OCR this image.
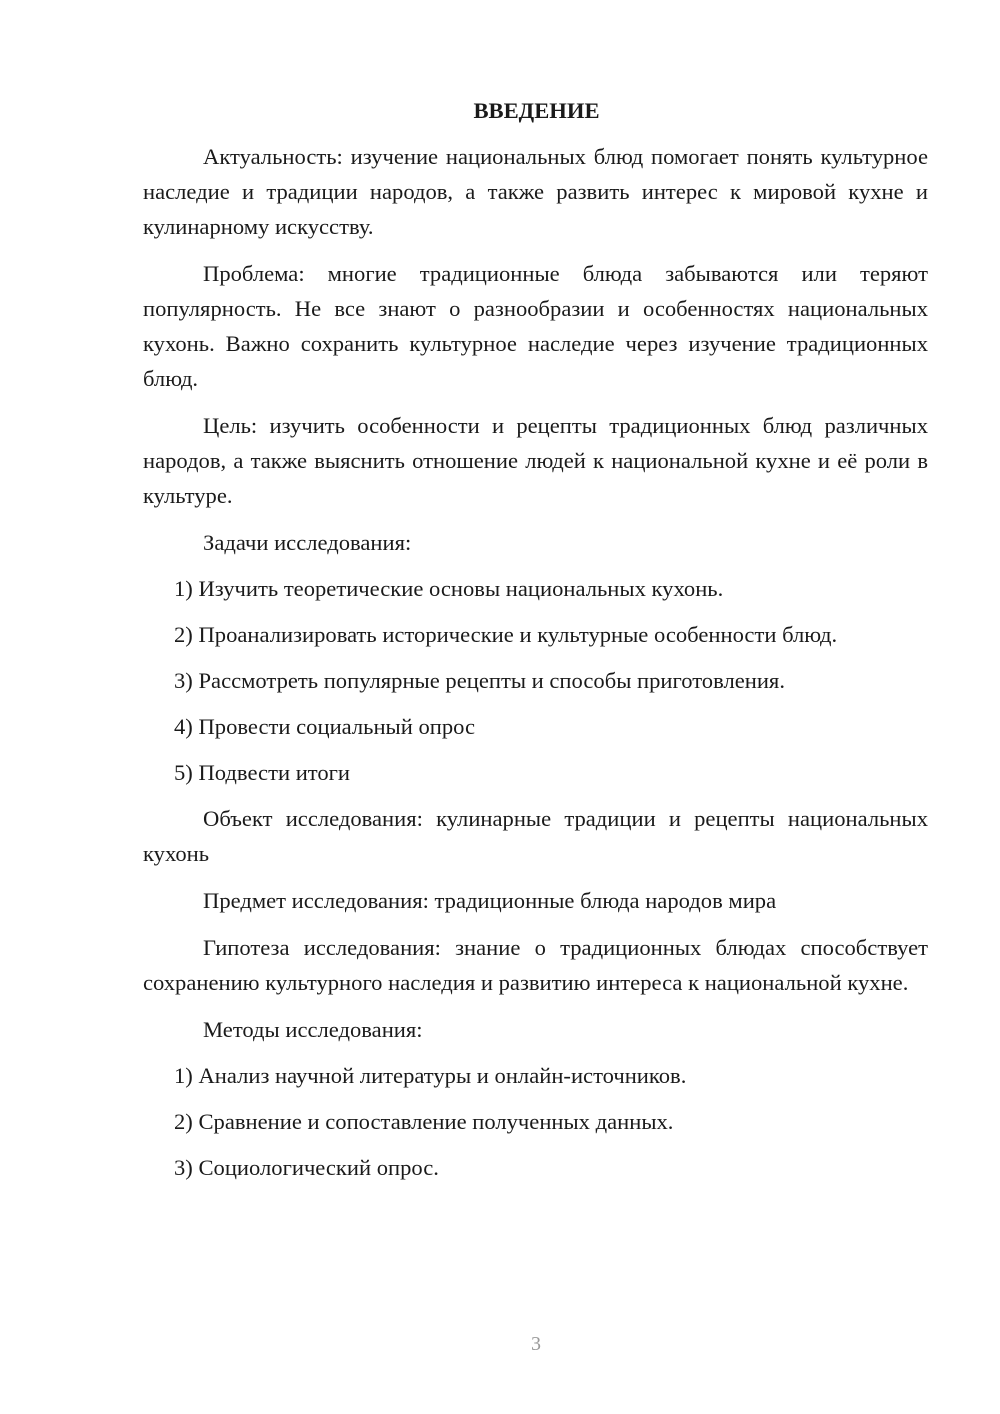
ВВЕДЕНИЕ

Актуальность: изучение национальных блюд помогает понять культурное наследие и традиции народов, а также развить интерес к мировой кухне и кулинарному искусству.

Проблема: многие традиционные блюда забываются или теряют популярность. Не все знают о разнообразии и особенностях национальных кухонь. Важно сохранить культурное наследие через изучение традиционных блюд.

Цель: изучить особенности и рецепты традиционных блюд различных народов, а также выяснить отношение людей к национальной кухне и её роли в культуре.

Задачи исследования:
1) Изучить теоретические основы национальных кухонь.
2) Проанализировать исторические и культурные особенности блюд.
3) Рассмотреть популярные рецепты и способы приготовления.
4) Провести социальный опрос
5) Подвести итоги

Объект исследования: кулинарные традиции и рецепты национальных кухонь

Предмет исследования: традиционные блюда народов мира

Гипотеза исследования: знание о традиционных блюдах способствует сохранению культурного наследия и развитию интереса к национальной кухне.

Методы исследования:
1) Анализ научной литературы и онлайн-источников.
2) Сравнение и сопоставление полученных данных.
3) Социологический опрос.
3
